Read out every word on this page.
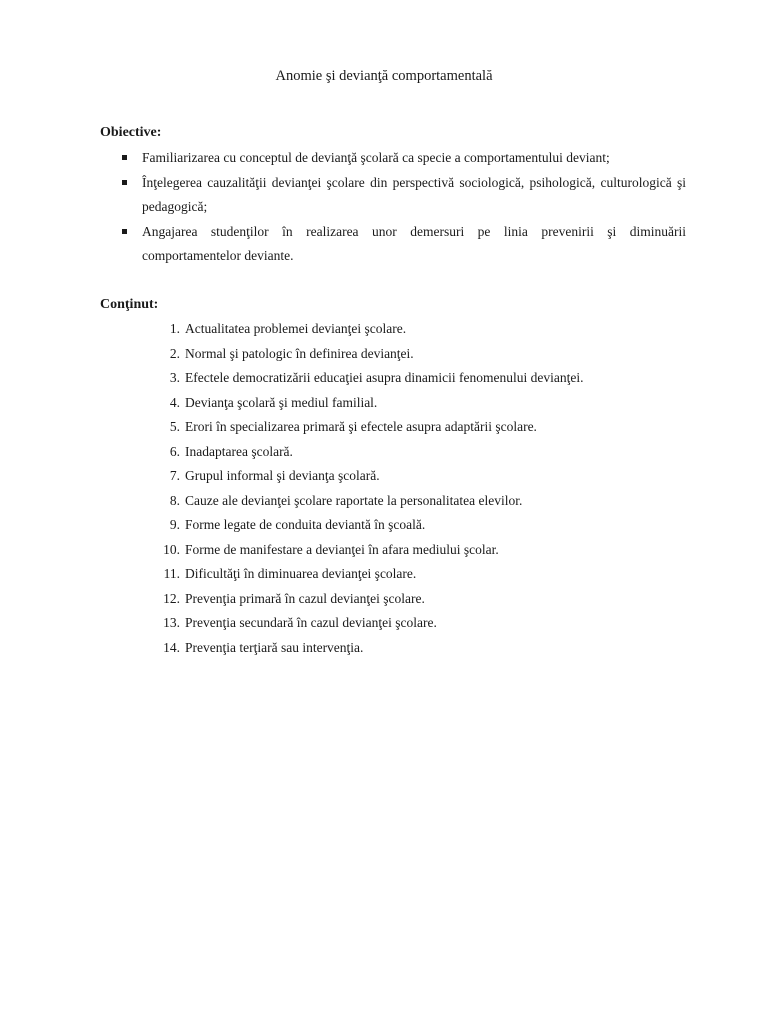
Anomie şi devianţă comportamentală
Obiective:
Familiarizarea cu conceptul de devianţă şcolară ca specie a comportamentului deviant;
Înţelegerea cauzalităţii devianţei şcolare din perspectivă sociologică, psihologică, culturologică şi pedagogică;
Angajarea studenţilor în realizarea unor demersuri pe linia prevenirii şi diminuării comportamentelor deviante.
Conţinut:
1. Actualitatea problemei devianţei şcolare.
2. Normal şi patologic în definirea devianţei.
3. Efectele democratizării educaţiei asupra dinamicii fenomenului devianţei.
4. Devianţa şcolară şi mediul familial.
5. Erori în specializarea primară şi efectele asupra adaptării şcolare.
6. Inadaptarea şcolară.
7. Grupul informal şi devianţa şcolară.
8. Cauze ale devianţei şcolare raportate la personalitatea elevilor.
9. Forme legate de conduita deviantă în şcoală.
10. Forme de manifestare a devianţei în afara mediului şcolar.
11. Dificultăţi în diminuarea devianţei şcolare.
12. Prevenţia primară în cazul devianţei şcolare.
13. Prevenţia secundară în cazul devianţei şcolare.
14. Prevenţia terţiară sau intervenţia.
